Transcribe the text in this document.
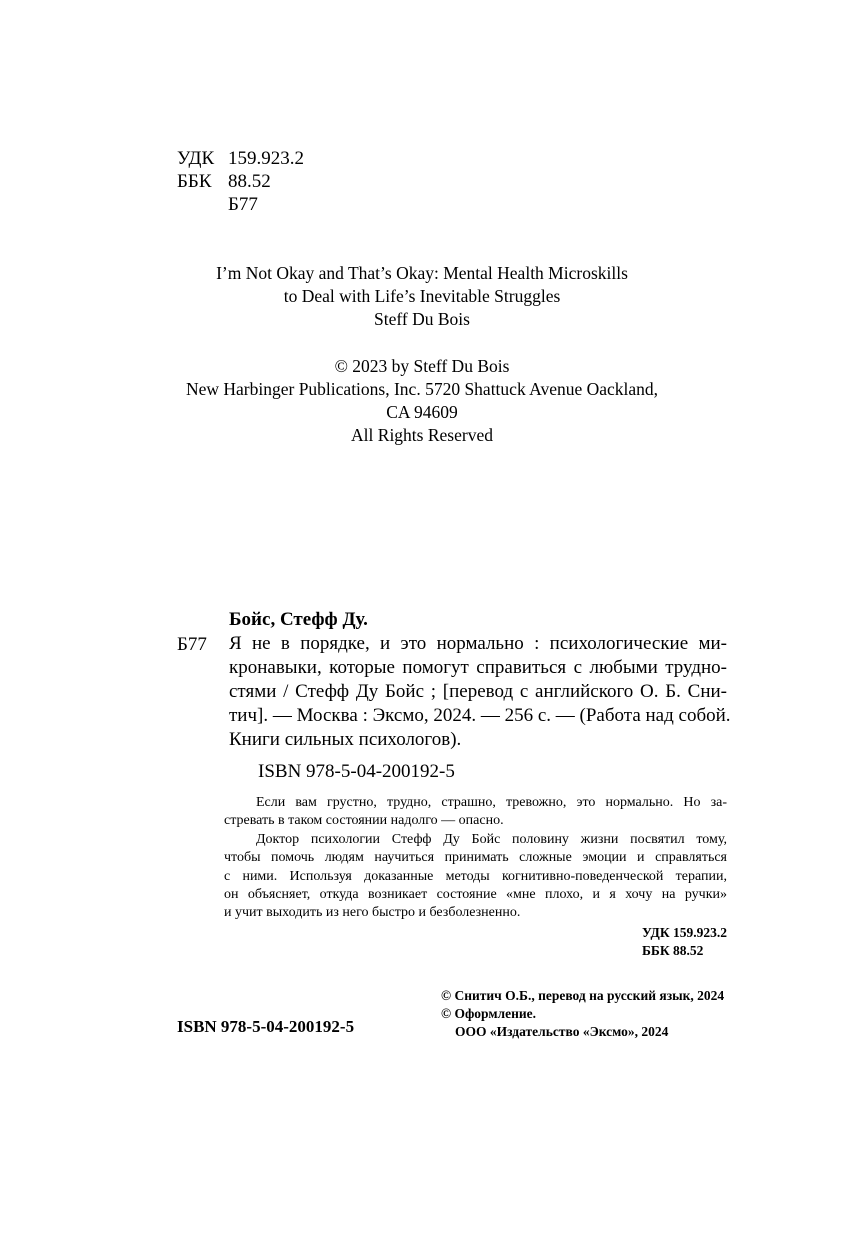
УДК 159.923.2
ББК 88.52
Б77
I’m Not Okay and That’s Okay: Mental Health Microskills
to Deal with Life’s Inevitable Struggles
Steff Du Bois
© 2023 by Steff Du Bois
New Harbinger Publications, Inc. 5720 Shattuck Avenue Oackland,
CA 94609
All Rights Reserved
Бойс, Стефф Ду.
Б77 Я не в порядке, и это нормально : психологические ми-
кронавыки, которые помогут справиться с любыми трудно-
стями / Стефф Ду Бойс ; [перевод с английского О. Б. Сни-
тич]. — Москва : Эксмо, 2024. — 256 с. — (Работа над собой.
Книги сильных психологов).
ISBN 978-5-04-200192-5
Если вам грустно, трудно, страшно, тревожно, это нормально. Но за-
стревать в таком состоянии надолго — опасно.
Доктор психологии Стефф Ду Бойс половину жизни посвятил тому,
чтобы помочь людям научиться принимать сложные эмоции и справляться
с ними. Используя доказанные методы когнитивно-поведенческой терапии,
он объясняет, откуда возникает состояние «мне плохо, и я хочу на ручки»
и учит выходить из него быстро и безболезненно.
УДК 159.923.2
ББК 88.52
© Снитич О.Б., перевод на русский язык, 2024
© Оформление.
ООО «Издательство «Эксмо», 2024
ISBN 978-5-04-200192-5
